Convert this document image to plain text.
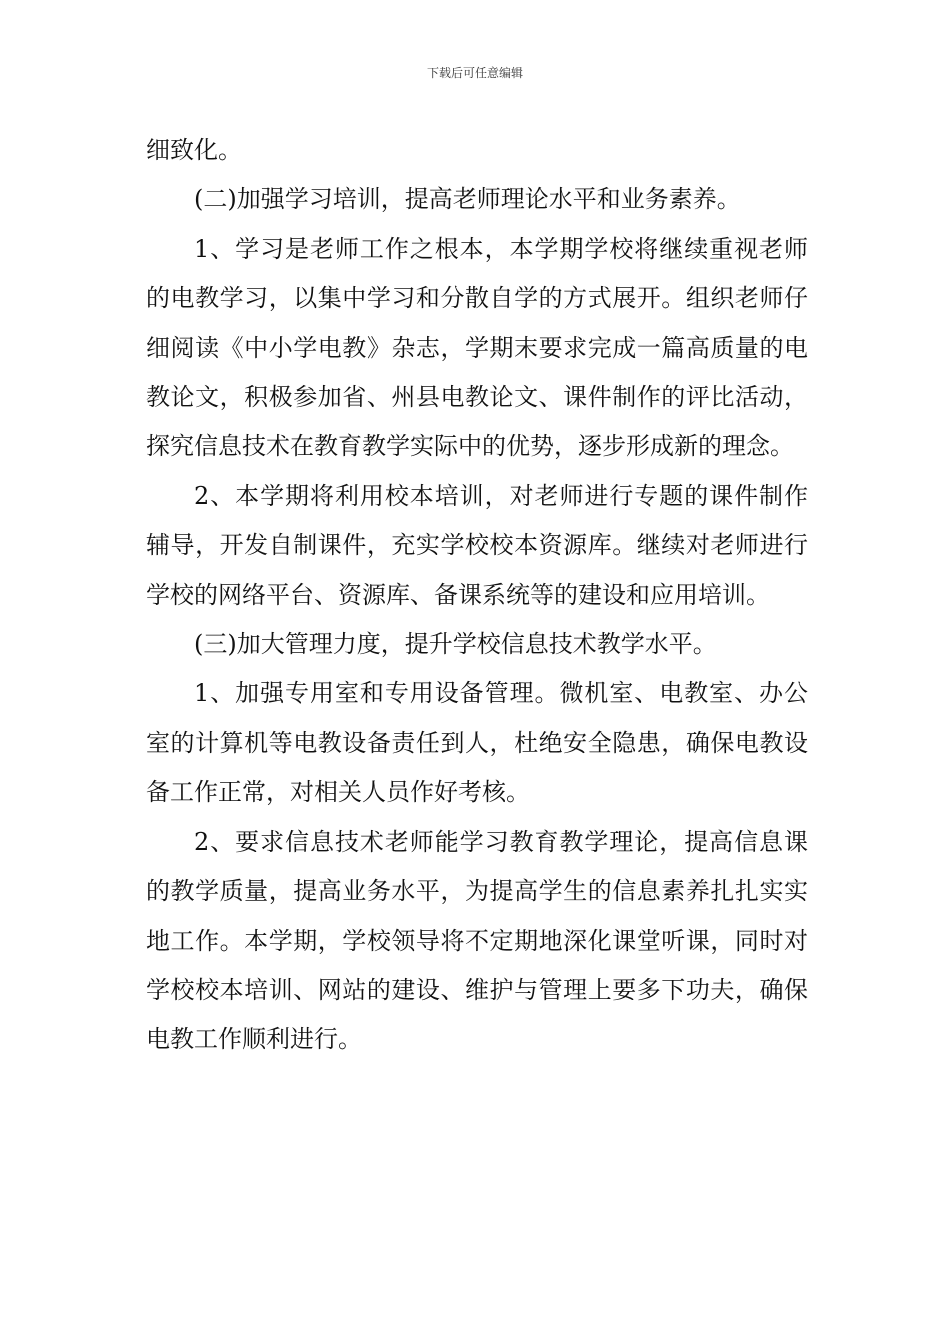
下载后可任意编辑

细致化。

(二)加强学习培训，提高老师理论水平和业务素养。

1、学习是老师工作之根本，本学期学校将继续重视老师的电教学习，以集中学习和分散自学的方式展开。组织老师仔细阅读《中小学电教》杂志，学期末要求完成一篇高质量的电教论文，积极参加省、州县电教论文、课件制作的评比活动，探究信息技术在教育教学实际中的优势，逐步形成新的理念。

2、本学期将利用校本培训，对老师进行专题的课件制作辅导，开发自制课件，充实学校校本资源库。继续对老师进行学校的网络平台、资源库、备课系统等的建设和应用培训。

(三)加大管理力度，提升学校信息技术教学水平。

1、加强专用室和专用设备管理。微机室、电教室、办公室的计算机等电教设备责任到人，杜绝安全隐患，确保电教设备工作正常，对相关人员作好考核。

2、要求信息技术老师能学习教育教学理论，提高信息课的教学质量，提高业务水平，为提高学生的信息素养扎扎实实地工作。本学期，学校领导将不定期地深化课堂听课，同时对学校校本培训、网站的建设、维护与管理上要多下功夫，确保电教工作顺利进行。
